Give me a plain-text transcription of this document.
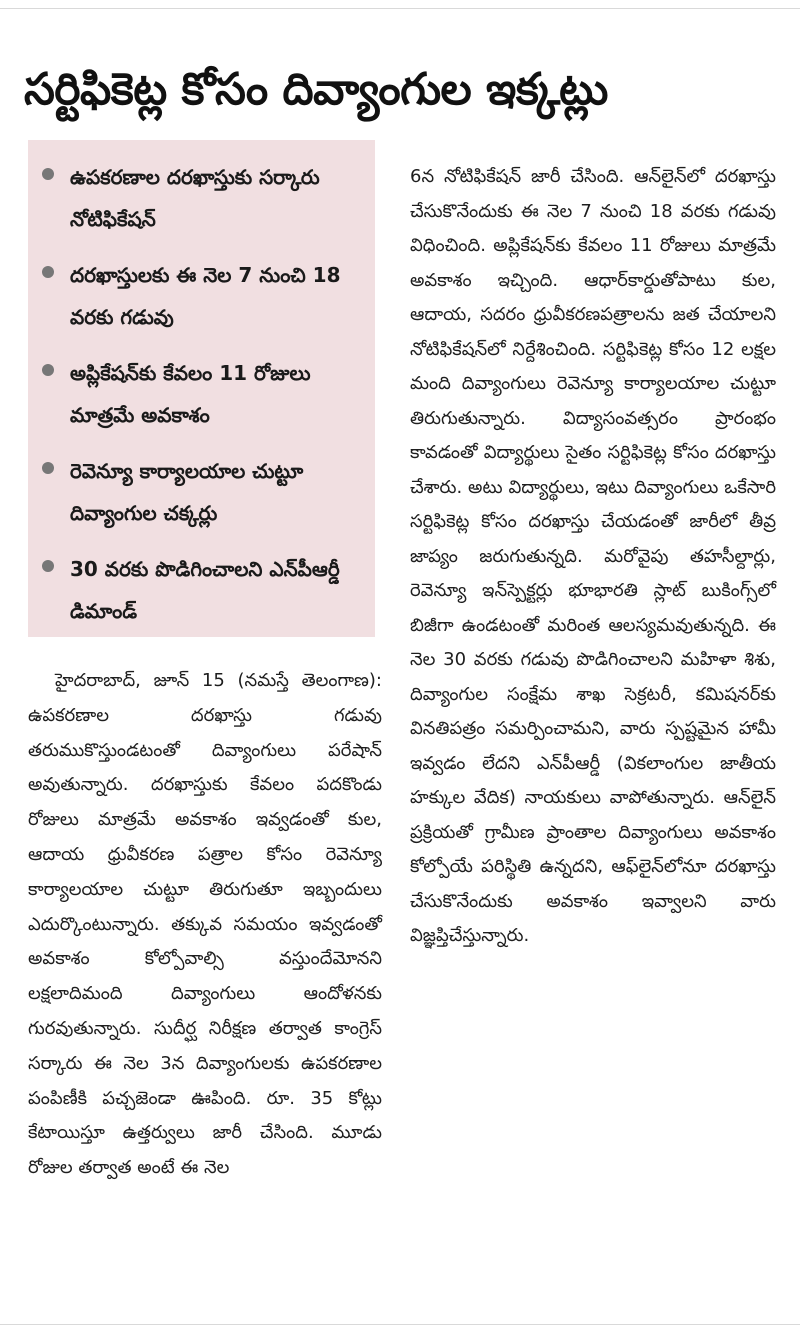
సర్టిఫికెట్ల కోసం దివ్యాంగుల ఇక్కట్లు
ఉపకరణాల దరఖాస్తుకు సర్కారు నోటిఫికేషన్
దరఖాస్తులకు ఈ నెల 7 నుంచి 18 వరకు గడువు
అప్లికేషన్‌కు కేవలం 11 రోజులు మాత్రమే అవకాశం
రెవెన్యూ కార్యాలయాల చుట్టూ దివ్యాంగుల చక్కర్లు
30 వరకు పొడిగించాలని ఎన్‌పీఆర్డీ డిమాండ్

హైదరాబాద్, జూన్ 15 (నమస్తే తెలంగాణ): ఉపకరణాల దరఖాస్తు గడువు తరుముకొస్తుండటంతో దివ్యాంగులు పరేషాన్ అవుతున్నారు. దరఖాస్తుకు కేవలం పదకొండు రోజులు మాత్రమే అవకాశం ఇవ్వడంతో కుల, ఆదాయ ధ్రువీకరణ పత్రాల కోసం రెవెన్యూ కార్యాలయాల చుట్టూ తిరుగుతూ ఇబ్బందులు ఎదుర్కొంటున్నారు. తక్కువ సమయం ఇవ్వడంతో అవకాశం కోల్పోవాల్సి వస్తుందేమోనని లక్షలాదిమంది దివ్యాంగులు ఆందోళనకు గురవుతున్నారు. సుదీర్ఘ నిరీక్షణ తర్వాత కాంగ్రెస్ సర్కారు ఈ నెల 3న దివ్యాంగులకు ఉపకరణాల పంపిణీకి పచ్చజెండా ఊపింది. రూ. 35 కోట్లు కేటాయిస్తూ ఉత్తర్వులు జారీ చేసింది. మూడు రోజుల తర్వాత అంటే ఈ నెల

6న నోటిఫికేషన్ జారీ చేసింది. ఆన్‌లైన్‌లో దరఖాస్తు చేసుకొనేందుకు ఈ నెల 7 నుంచి 18 వరకు గడువు విధించింది. అప్లికేషన్‌కు కేవలం 11 రోజులు మాత్రమే అవకాశం ఇచ్చింది. ఆధార్‌కార్డుతోపాటు కుల, ఆదాయ, సదరం ధ్రువీకరణపత్రాలను జత చేయాలని నోటిఫికేషన్‌లో నిర్దేశించింది. సర్టిఫికెట్ల కోసం 12 లక్షల మంది దివ్యాంగులు రెవెన్యూ కార్యాలయాల చుట్టూ తిరుగుతున్నారు. విద్యాసంవత్సరం ప్రారంభం కావడంతో విద్యార్థులు సైతం సర్టిఫికెట్ల కోసం దరఖాస్తు చేశారు. అటు విద్యార్థులు, ఇటు దివ్యాంగులు ఒకేసారి సర్టిఫికెట్ల కోసం దరఖాస్తు చేయడంతో జారీలో తీవ్ర జాప్యం జరుగుతున్నది. మరోవైపు తహసీల్దార్లు, రెవెన్యూ ఇన్‌స్పెక్టర్లు భూభారతి స్లాట్ బుకింగ్స్‌లో బిజీగా ఉండటంతో మరింత ఆలస్యమవుతున్నది. ఈ నెల 30 వరకు గడువు పొడిగించాలని మహిళా శిశు, దివ్యాంగుల సంక్షేమ శాఖ సెక్రటరీ, కమిషనర్‌కు వినతిపత్రం సమర్పించామని, వారు స్పష్టమైన హామీ ఇవ్వడం లేదని ఎన్‌పీఆర్డీ (వికలాంగుల జాతీయ హక్కుల వేదిక) నాయకులు వాపోతున్నారు. ఆన్‌లైన్ ప్రక్రియతో గ్రామీణ ప్రాంతాల దివ్యాంగులు అవకాశం కోల్పోయే పరిస్థితి ఉన్నదని, ఆఫ్‌లైన్‌లోనూ దరఖాస్తు చేసుకొనేందుకు అవకాశం ఇవ్వాలని వారు విజ్ఞప్తిచేస్తున్నారు.
